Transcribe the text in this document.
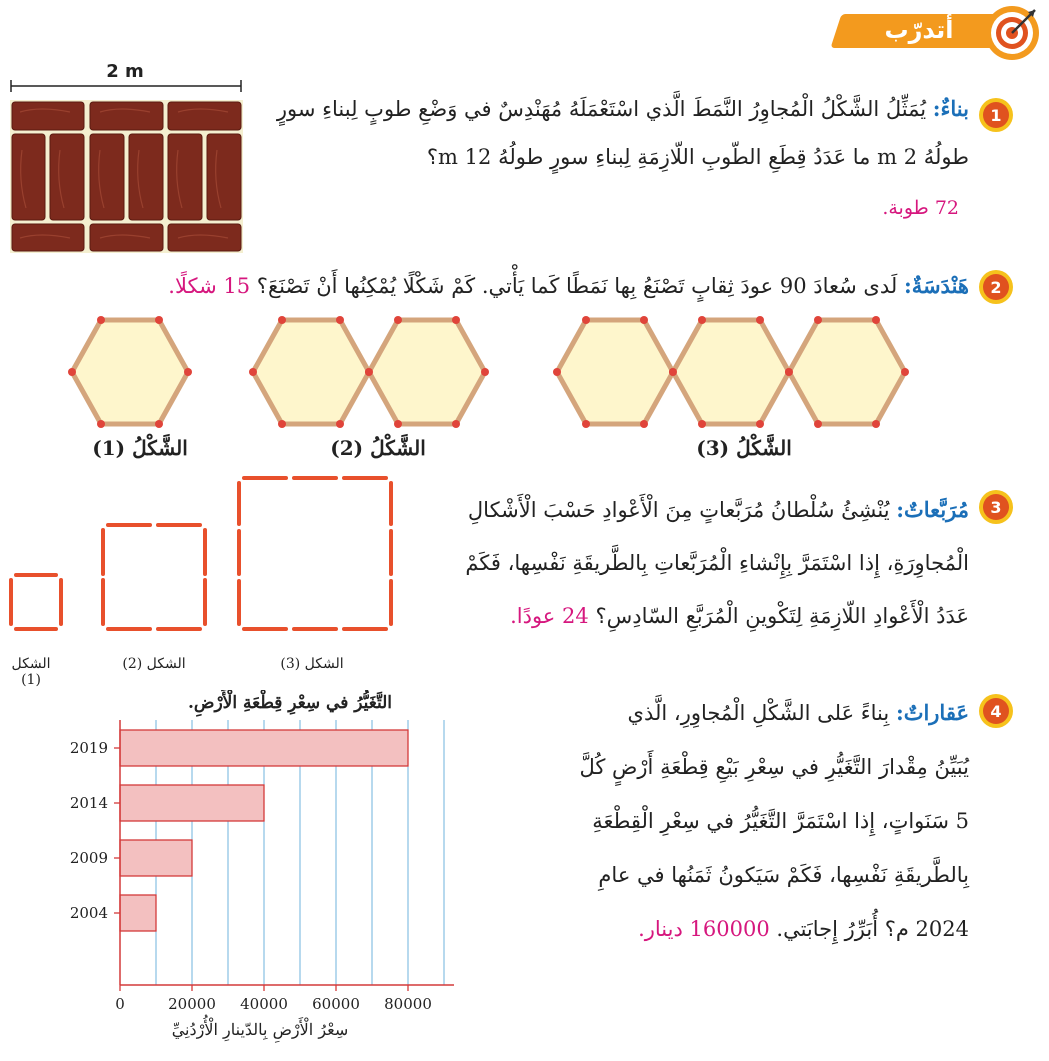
أتدرّب
1
بناءٌ: يُمَثِّلُ الشَّكْلُ الْمُجاوِرُ النَّمَطَ الَّذي اسْتَعْمَلَهُ مُهَنْدِسٌ في وَضْعِ طوبٍ لِبناءِ سورٍ
طولُهُ 2 m ما عَدَدُ قِطَعِ الطّوبِ اللّازِمَةِ لِبناءِ سورٍ طولُهُ 12 m؟
72 طوبة.
2 m
2
هَنْدَسَةٌ: لَدى سُعادَ 90 عودَ ثِقابٍ تَصْنَعُ بِها نَمَطًا كَما يَأْتي. كَمْ شَكْلًا يُمْكِنُها أَنْ تَصْنَعَ؟ 15 شكلًا.
الشَّكْلُ (1)	الشَّكْلُ (2)	الشَّكْلُ (3)
3
مُرَبَّعاتٌ: يُنْشِئُ سُلْطانُ مُرَبَّعاتٍ مِنَ الْأَعْوادِ حَسْبَ الْأَشْكالِ
الْمُجاوِرَةِ، إِذا اسْتَمَرَّ بِإِنْشاءِ الْمُرَبَّعاتِ بِالطَّريقَةِ نَفْسِها، فَكَمْ
عَدَدُ الْأَعْوادِ اللّازِمَةِ لِتَكْوينِ الْمُرَبَّعِ السّادِسِ؟ 24 عودًا.
الشكل (1)
الشكل (2)	الشكل (3)
4
عَقاراتٌ: بِناءً عَلى الشَّكْلِ الْمُجاوِرِ، الَّذي
يُبَيِّنُ مِقْدارَ التَّغَيُّرِ في سِعْرِ بَيْعِ قِطْعَةِ أَرْضٍ كُلَّ
5 سَنَواتٍ، إِذا اسْتَمَرَّ التَّغَيُّرُ في سِعْرِ الْقِطْعَةِ
بِالطَّريقَةِ نَفْسِها، فَكَمْ سَيَكونُ ثَمَنُها في عامِ
2024 م؟ أُبَرِّرُ إِجابَتي. 160000 دينار.
التَّغَيُّرُ في سِعْرِ قِطْعَةِ الْأَرْضِ.
2019
2014
2009
2004
0	20000 40000 60000 80000
سِعْرُ الْأَرْضِ بِالدّينارِ الْأُرْدُنِيِّ
